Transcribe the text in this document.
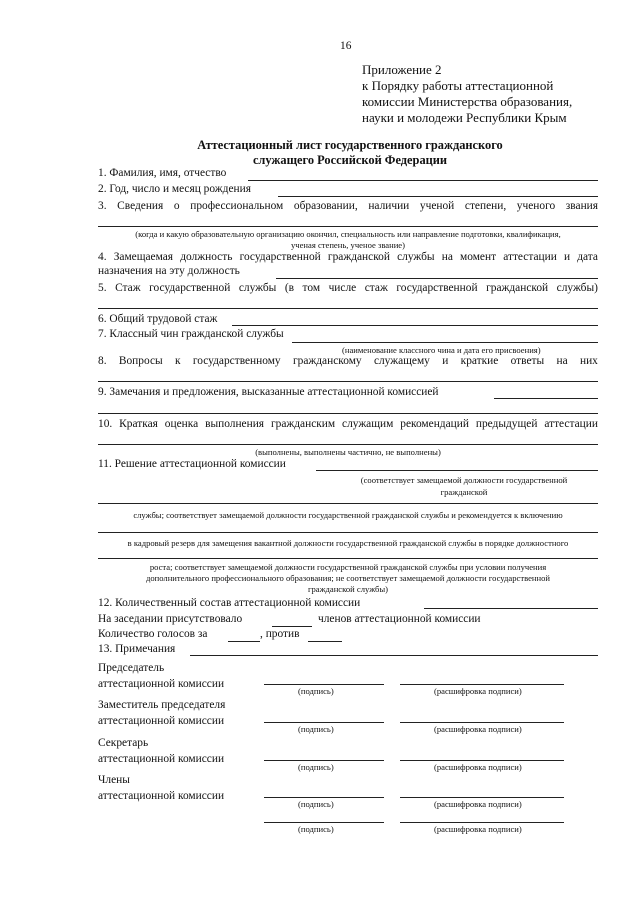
16
Приложение 2
к Порядку работы аттестационной
комиссии Министерства образования,
науки и молодежи Республики Крым
Аттестационный лист государственного гражданского
служащего Российской Федерации
1. Фамилия, имя, отчество
2. Год, число и месяц рождения
3. Сведения о профессиональном образовании, наличии ученой степени, ученого звания
(когда и какую образовательную организацию окончил, специальность или направление подготовки, квалификация,
ученая степень, ученое звание)
4. Замещаемая должность государственной гражданской службы на момент аттестации и дата
назначения на эту должность
5. Стаж государственной службы (в том числе стаж государственной гражданской службы)
6. Общий трудовой стаж
7. Классный чин гражданской службы
(наименование классного чина и дата его присвоения)
8. Вопросы к государственному гражданскому служащему и краткие ответы на них
9. Замечания и предложения, высказанные аттестационной комиссией
10. Краткая оценка выполнения гражданским служащим рекомендаций предыдущей аттестации
(выполнены, выполнены частично, не выполнены)
11. Решение аттестационной комиссии
(соответствует замещаемой должности государственной
гражданской
службы; соответствует замещаемой должности государственной гражданской службы и рекомендуется к включению
в кадровый резерв для замещения вакантной должности государственной гражданской службы в порядке должностного
роста; соответствует замещаемой должности государственной гражданской службы при условии получения
дополнительного профессионального образования; не соответствует замещаемой должности государственной
гражданской службы)
12. Количественный состав аттестационной комиссии
На заседании присутствовало	членов аттестационной комиссии
Количество голосов за	, против
13. Примечания
Председатель
аттестационной комиссии
(подпись)	(расшифровка подписи)
Заместитель председателя
аттестационной комиссии
(подпись)	(расшифровка подписи)
Секретарь
аттестационной комиссии
(подпись)	(расшифровка подписи)
Члены
аттестационной комиссии
(подпись)	(расшифровка подписи)
(подпись)	(расшифровка подписи)
